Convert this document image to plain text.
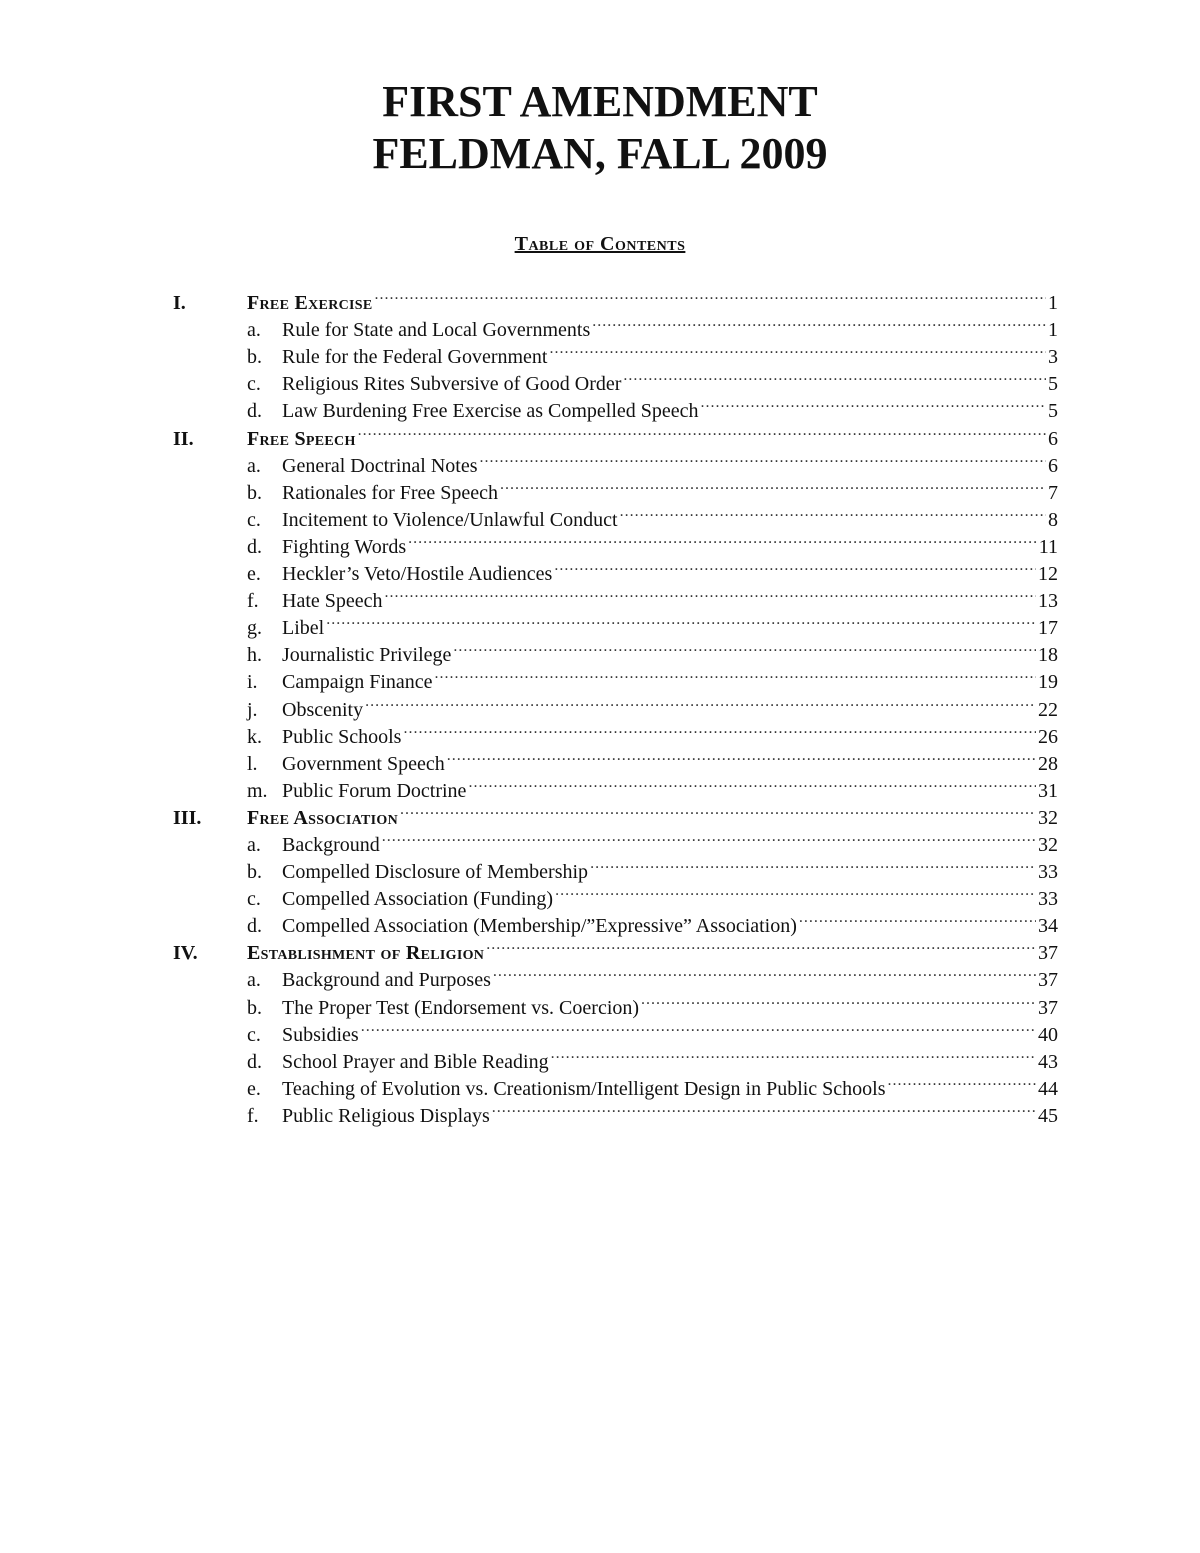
FIRST AMENDMENT
FELDMAN, FALL 2009
Table of Contents
I.	Free Exercise .....	1
a.	Rule for State and Local Governments .....	1
b.	Rule for the Federal Government .....	3
c.	Religious Rites Subversive of Good Order .....	5
d.	Law Burdening Free Exercise as Compelled Speech .....	5
II.	Free Speech .....	6
a.	General Doctrinal Notes .....	6
b.	Rationales for Free Speech .....	7
c.	Incitement to Violence/Unlawful Conduct .....	8
d.	Fighting Words .....	11
e.	Heckler’s Veto/Hostile Audiences .....	12
f.	Hate Speech .....	13
g.	Libel .....	17
h.	Journalistic Privilege .....	18
i.	Campaign Finance .....	19
j.	Obscenity .....	22
k.	Public Schools .....	26
l.	Government Speech .....	28
m. Public Forum Doctrine .....	31
III.	Free Association .....	32
a.	Background .....	32
b.	Compelled Disclosure of Membership .....	33
c.	Compelled Association (Funding) .....	33
d.	Compelled Association (Membership/”Expressive” Association) .....	34
IV.	Establishment of Religion .....	37
a.	Background and Purposes .....	37
b.	The Proper Test (Endorsement vs. Coercion) .....	37
c.	Subsidies .....	40
d.	School Prayer and Bible Reading .....	43
e.	Teaching of Evolution vs. Creationism/Intelligent Design in Public Schools .....	44
f.	Public Religious Displays .....	45
